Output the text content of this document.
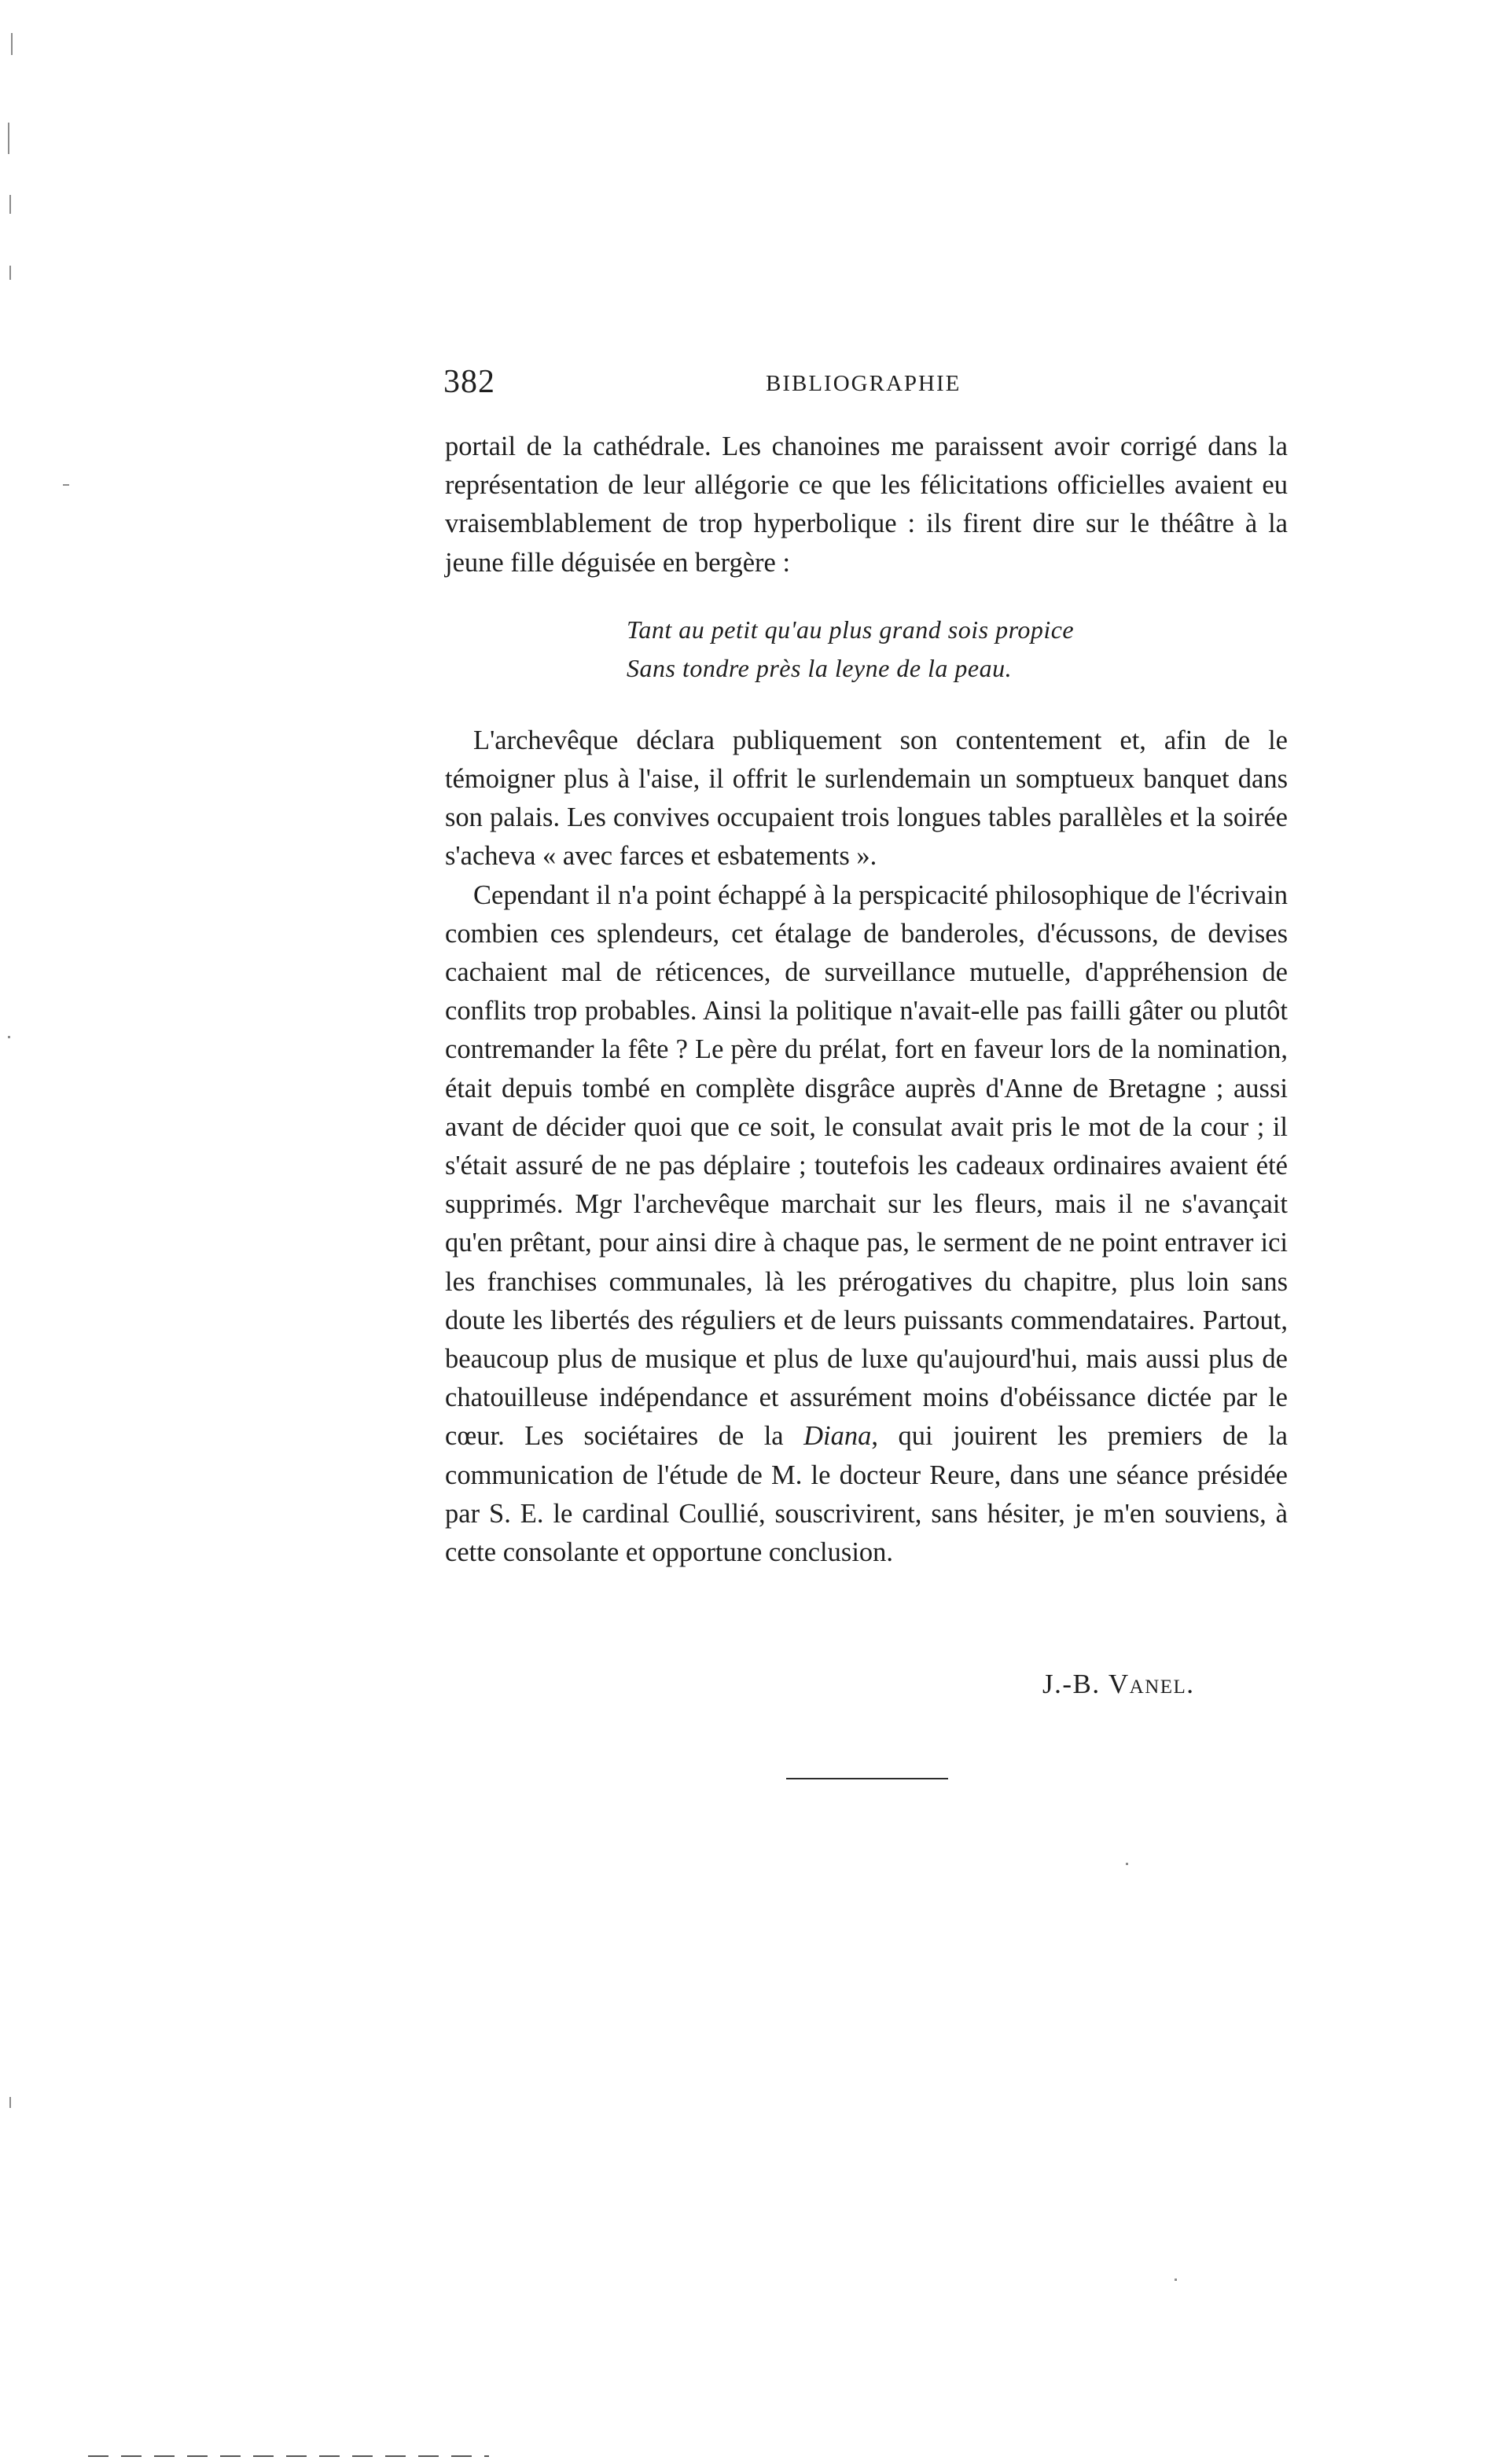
382	BIBLIOGRAPHIE

portail de la cathédrale. Les chanoines me paraissent avoir corrigé dans la représentation de leur allégorie ce que les félicitations officielles avaient eu vraisemblablement de trop hyperbolique : ils firent dire sur le théâtre à la jeune fille déguisée en bergère :

Tant au petit qu'au plus grand sois propice
Sans tondre près la leyne de la peau.

L'archevêque déclara publiquement son contentement et, afin de le témoigner plus à l'aise, il offrit le surlendemain un somptueux banquet dans son palais. Les convives occupaient trois longues tables parallèles et la soirée s'acheva « avec farces et esbatements ».

Cependant il n'a point échappé à la perspicacité philosophique de l'écrivain combien ces splendeurs, cet étalage de banderoles, d'écussons, de devises cachaient mal de réticences, de surveillance mutuelle, d'appréhension de conflits trop probables. Ainsi la politique n'avait-elle pas failli gâter ou plutôt contremander la fête ? Le père du prélat, fort en faveur lors de la nomination, était depuis tombé en complète disgrâce auprès d'Anne de Bretagne ; aussi avant de décider quoi que ce soit, le consulat avait pris le mot de la cour ; il s'était assuré de ne pas déplaire ; toutefois les cadeaux ordinaires avaient été supprimés. Mgr l'archevêque marchait sur les fleurs, mais il ne s'avançait qu'en prêtant, pour ainsi dire à chaque pas, le serment de ne point entraver ici les franchises communales, là les prérogatives du chapitre, plus loin sans doute les libertés des réguliers et de leurs puissants commendataires. Partout, beaucoup plus de musique et plus de luxe qu'aujourd'hui, mais aussi plus de chatouilleuse indépendance et assurément moins d'obéissance dictée par le cœur. Les sociétaires de la Diana, qui jouirent les premiers de la communication de l'étude de M. le docteur Reure, dans une séance présidée par S. E. le cardinal Coullié, souscrivirent, sans hésiter, je m'en souviens, à cette consolante et opportune conclusion.

J.-B. Vanel.
